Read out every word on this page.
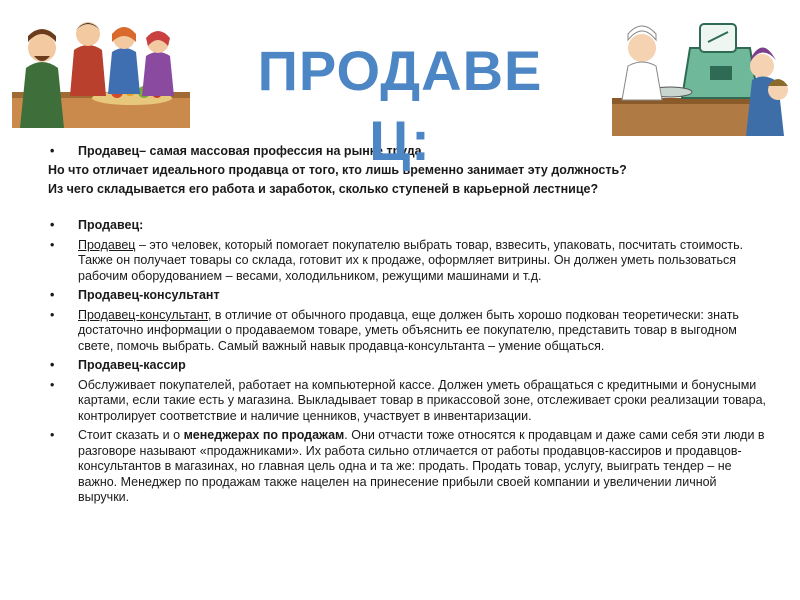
ПРОДАВЕЦ:
• Продавец– самая массовая профессия на рынке труда.
Но что отличает идеального продавца от того, кто лишь временно занимает эту должность?
Из чего складывается его работа и заработок, сколько ступеней в карьерной лестнице?
• Продавец:
• Продавец – это человек, который помогает покупателю выбрать товар, взвесить, упаковать, посчитать стоимость. Также он получает товары со склада, готовит их к продаже, оформляет витрины. Он должен уметь пользоваться рабочим оборудованием – весами, холодильником, режущими машинами и т.д.
• Продавец-консультант
• Продавец-консультант, в отличие от обычного продавца, еще должен быть хорошо подкован теоретически: знать достаточно информации о продаваемом товаре, уметь объяснить ее покупателю, представить товар в выгодном свете, помочь выбрать. Самый важный навык продавца-консультанта – умение общаться.
• Продавец-кассир
• Обслуживает покупателей, работает на компьютерной кассе. Должен уметь обращаться с кредитными и бонусными картами, если такие есть у магазина. Выкладывает товар в прикассовой зоне, отслеживает сроки реализации товара, контролирует соответствие и наличие ценников, участвует в инвентаризации.
• Стоит сказать и о менеджерах по продажам. Они отчасти тоже относятся к продавцам и даже сами себя эти люди в разговоре называют «продажниками». Их работа сильно отличается от работы продавцов-кассиров и продавцов-консультантов в магазинах, но главная цель одна и та же: продать. Продать товар, услугу, выиграть тендер – не важно. Менеджер по продажам также нацелен на принесение прибыли своей компании и увеличении личной выручки.
